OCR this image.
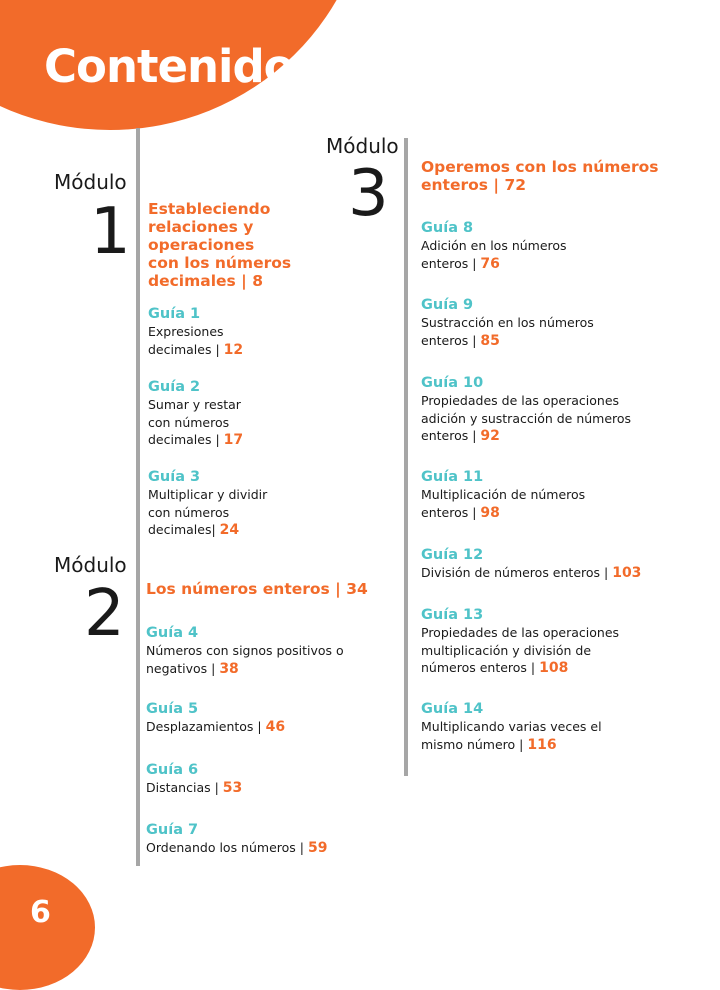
Contenido
Módulo
1 Estableciendo
relaciones y
operaciones
con los números
decimales | 8
Guía 1
Expresiones
decimales | 12
Guía 2
Sumar y restar
con números
decimales | 17
Guía 3
Multiplicar y dividir
con números
decimales| 24
Módulo
2 Los números enteros | 34
Guía 4
Números con signos positivos o
negativos | 38
Guía 5
Desplazamientos | 46
Guía 6
Distancias | 53
Guía 7
Ordenando los números | 59
Módulo
3 Operemos con los números
enteros | 72
Guía 8
Adición en los números
enteros | 76
Guía 9
Sustracción en los números
enteros | 85
Guía 10
Propiedades de las operaciones
adición y sustracción de números
enteros | 92
Guía 11
Multiplicación de números
enteros | 98
Guía 12
División de números enteros | 103
Guía 13
Propiedades de las operaciones
multiplicación y división de
números enteros | 108
Guía 14
Multiplicando varias veces el
mismo número | 116
6
